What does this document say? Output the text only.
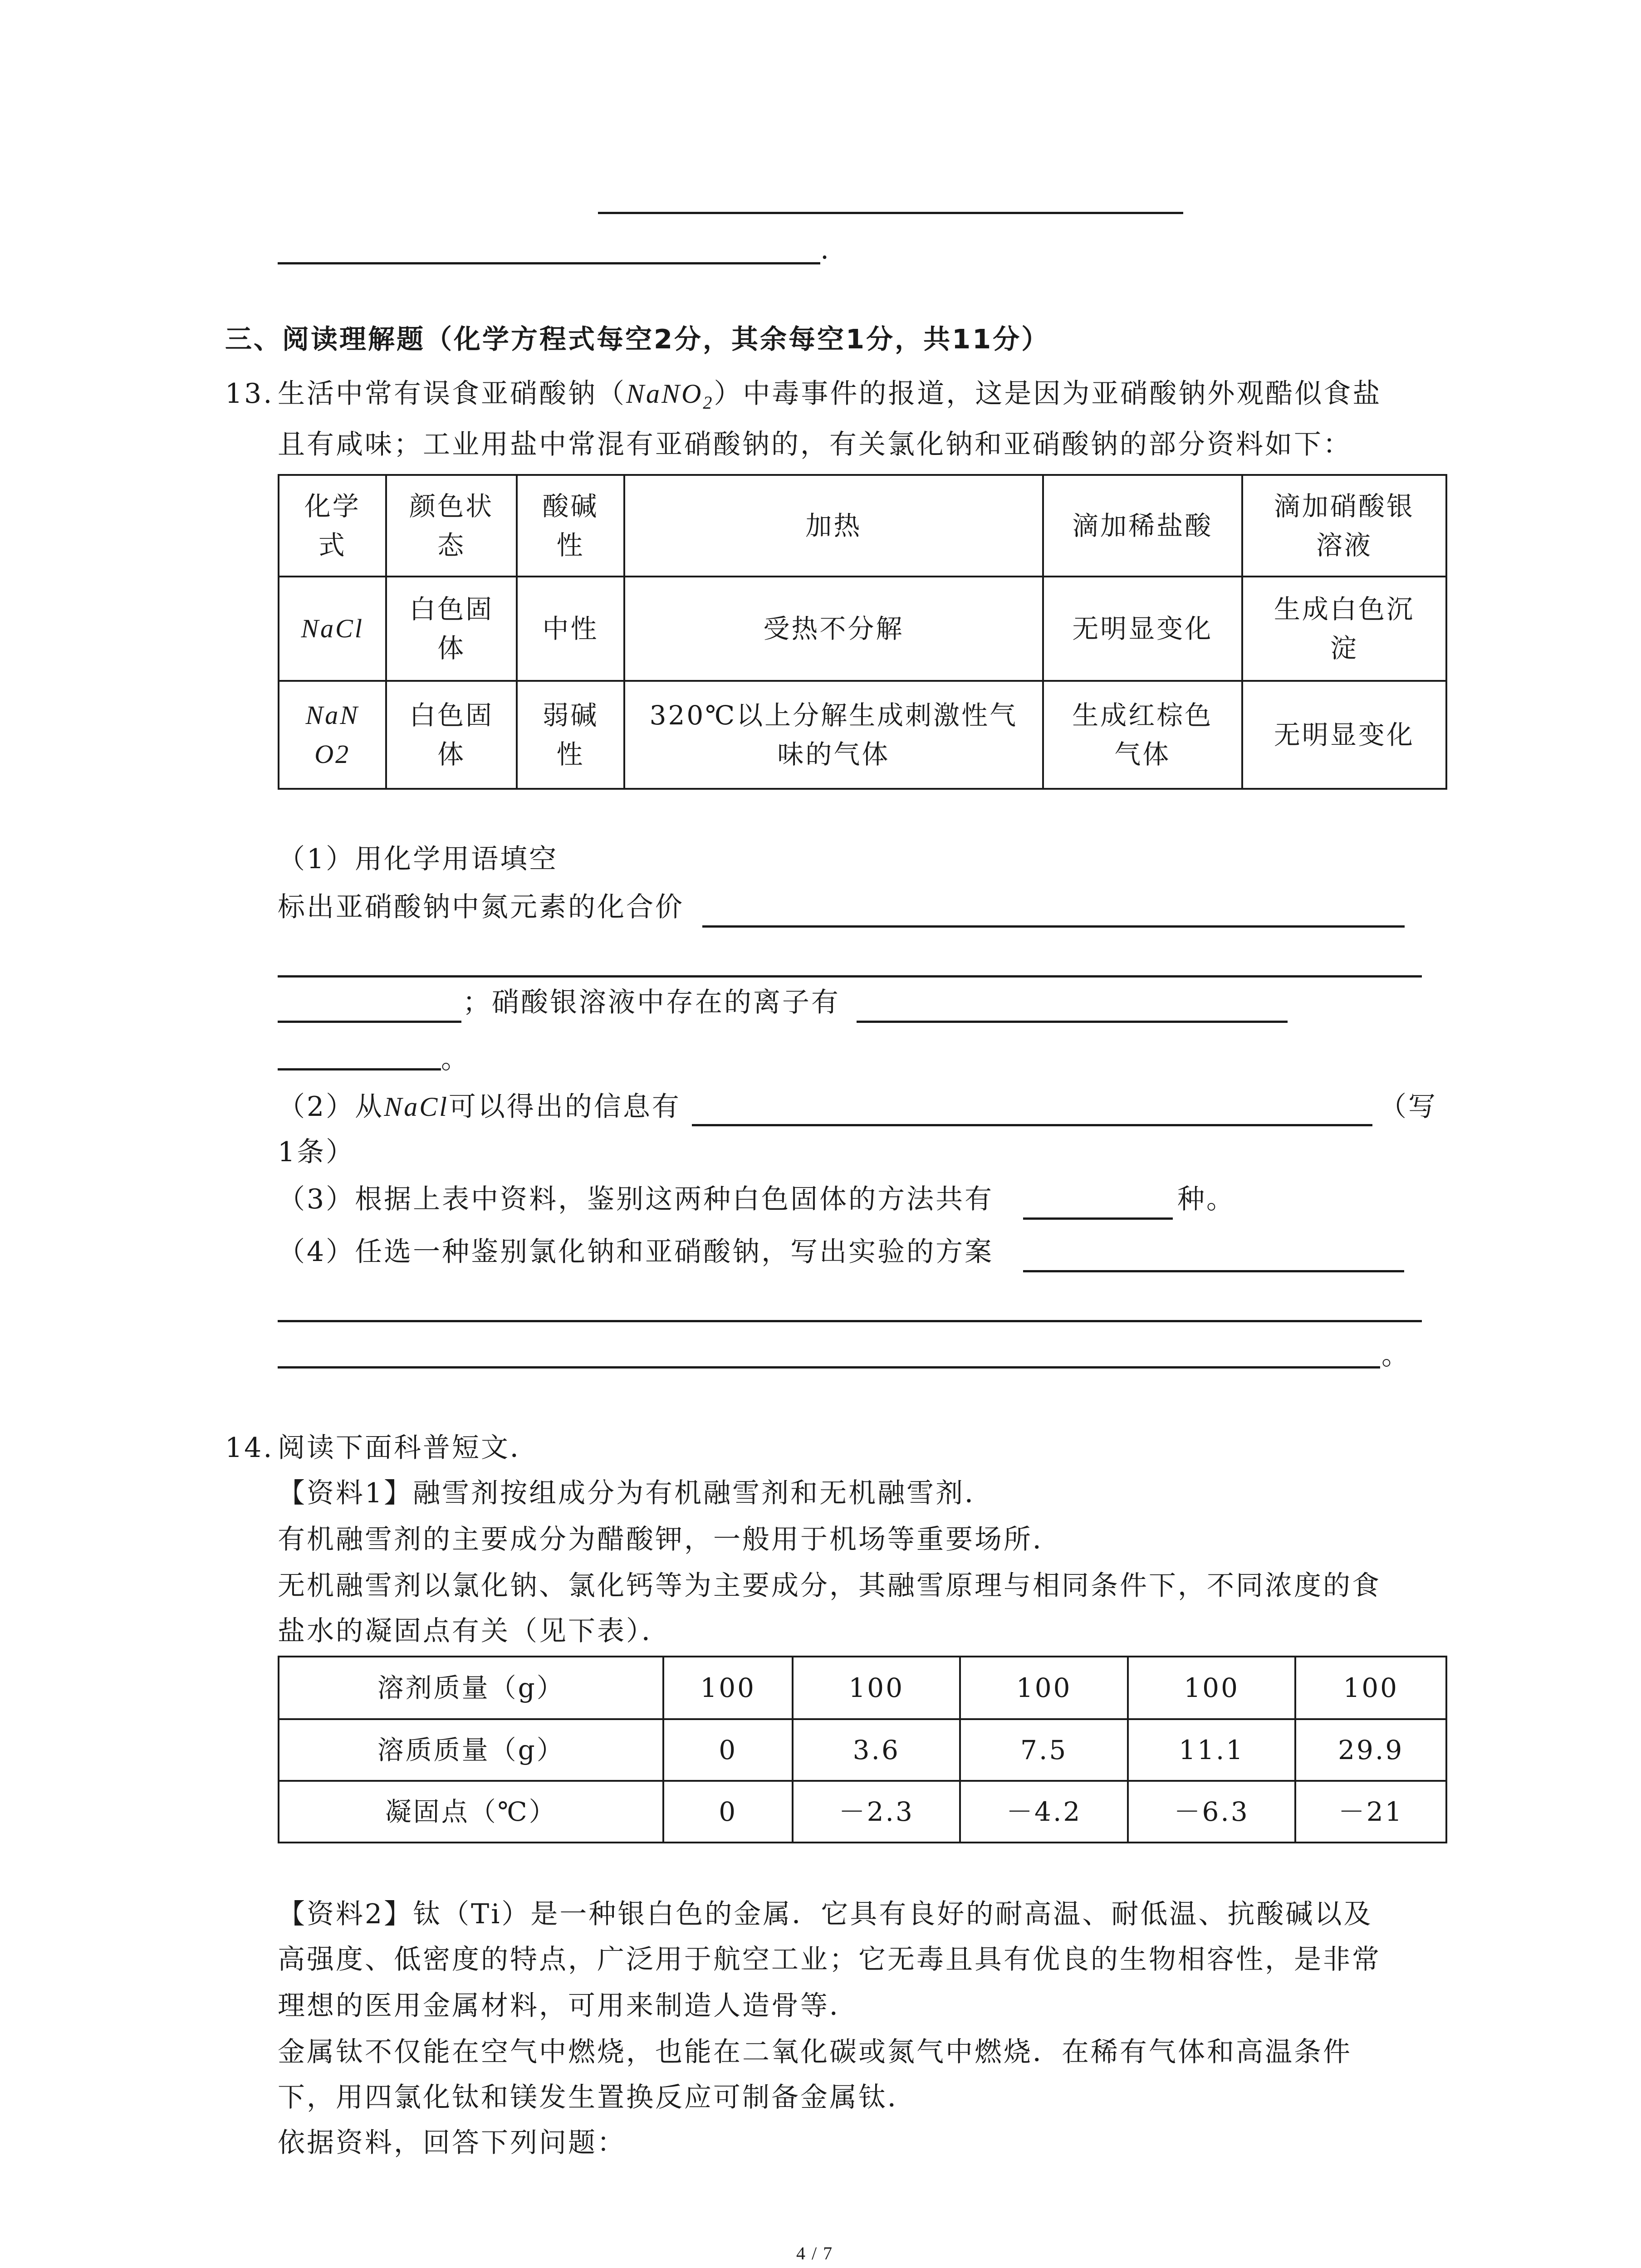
.
三、阅读理解题（化学方程式每空2分，其余每空1分，共11分）
13. 生活中常有误食亚硝酸钠（NaNO$_2$）中毒事件的报道，这是因为亚硝酸钠外观酷似食盐
且有咸味；工业用盐中常混有亚硝酸钠的，有关氯化钠和亚硝酸钠的部分资料如下：
化学式	颜色状态	酸碱性	加热	滴加稀盐酸	滴加硝酸银溶液

NaCl	白色固体	中性	受热不分解	无明显变化	生成白色沉淀

NaNO2	白色固体	弱碱性	320℃以上分解生成刺激性气味的气体	生成红棕色气体	无明显变化
（1）用化学用语填空
标出亚硝酸钠中氮元素的化合价
；硝酸银溶液中存在的离子有
。
（2）从NaCl可以得出的信息有	（写
1条）
（3）根据上表中资料，鉴别这两种白色固体的方法共有	种。
（4）任选一种鉴别氯化钠和亚硝酸钠，写出实验的方案
。
14. 阅读下面科普短文．
【资料1】融雪剂按组成分为有机融雪剂和无机融雪剂．
有机融雪剂的主要成分为醋酸钾，一般用于机场等重要场所．
无机融雪剂以氯化钠、氯化钙等为主要成分，其融雪原理与相同条件下，不同浓度的食
盐水的凝固点有关（见下表）．
溶剂质量（g）	100	100	100	100	100
溶质质量（g）	0	3.6	7.5	11.1	29.9
凝固点（℃）	0	－2.3	－4.2	－6.3	－21
【资料2】钛（Ti）是一种银白色的金属．它具有良好的耐高温、耐低温、抗酸碱以及
高强度、低密度的特点，广泛用于航空工业；它无毒且具有优良的生物相容性，是非常
理想的医用金属材料，可用来制造人造骨等．
金属钛不仅能在空气中燃烧，也能在二氧化碳或氮气中燃烧．在稀有气体和高温条件
下，用四氯化钛和镁发生置换反应可制备金属钛．
依据资料，回答下列问题：
4 / 7
